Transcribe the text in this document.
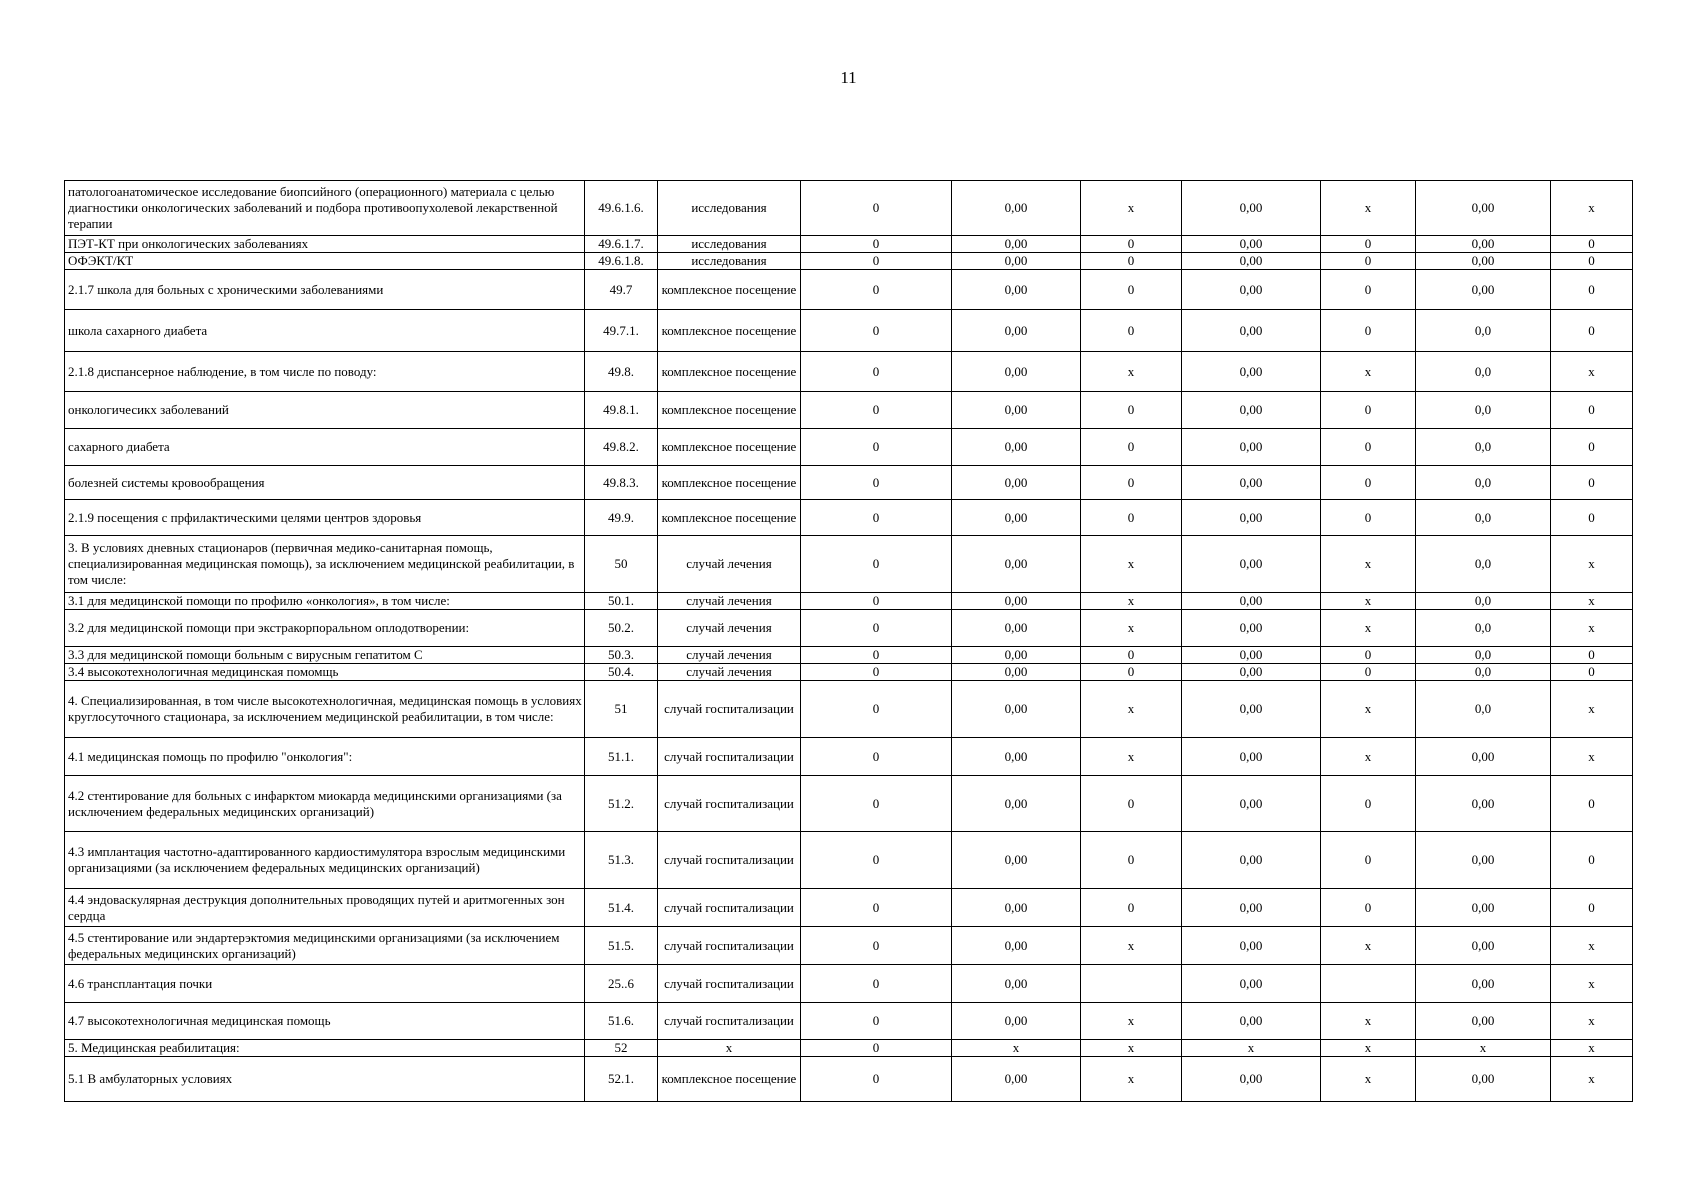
11
патологоанатомическое исследование биопсийного (операционного) материала с целью диагностики онкологических заболеваний и подбора противоопухолевой лекарственной терапии	49.6.1.6.	исследования	0	0,00	х	0,00	х	0,00	х
ПЭТ-КТ при онкологических заболеваниях	49.6.1.7.	исследования	0	0,00	0	0,00	0	0,00	0
ОФЭКТ/КТ	49.6.1.8.	исследования	0	0,00	0	0,00	0	0,00	0
2.1.7 школа для больных с хроническими заболеваниями	49.7	комплексное посещение	0	0,00	0	0,00	0	0,00	0
школа сахарного диабета	49.7.1.	комплексное посещение	0	0,00	0	0,00	0	0,0	0
2.1.8 диспансерное наблюдение, в том числе по поводу:	49.8.	комплексное посещение	0	0,00	х	0,00	х	0,0	х
онкологичесикх заболеваний	49.8.1.	комплексное посещение	0	0,00	0	0,00	0	0,0	0
сахарного диабета	49.8.2.	комплексное посещение	0	0,00	0	0,00	0	0,0	0
болезней системы кровообращения	49.8.3.	комплексное посещение	0	0,00	0	0,00	0	0,0	0
2.1.9 посещения с прфилактическими целями центров здоровья	49.9.	комплексное посещение	0	0,00	0	0,00	0	0,0	0
3. В условиях дневных стационаров (первичная медико-санитарная помощь, специализированная медицинская помощь), за исключением медицинской реабилитации, в том числе:	50	случай лечения	0	0,00	х	0,00	х	0,0	х
3.1 для медицинской помощи по профилю «онкология», в том числе:	50.1.	случай лечения	0	0,00	х	0,00	х	0,0	х
3.2 для медицинской помощи при экстракорпоральном оплодотворении:	50.2.	случай лечения	0	0,00	х	0,00	х	0,0	х
3.3 для медицинской помощи больным с вирусным гепатитом С	50.3.	случай лечения	0	0,00	0	0,00	0	0,0	0
3.4 высокотехнологичная медицинская помомщь	50.4.	случай лечения	0	0,00	0	0,00	0	0,0	0
4. Специализированная, в том числе высокотехнологичная, медицинская помощь в условиях круглосуточного стационара, за исключением медицинской реабилитации, в том числе:	51	случай госпитализации	0	0,00	х	0,00	х	0,0	х
4.1 медицинская помощь по профилю "онкология":	51.1.	случай госпитализации	0	0,00	х	0,00	х	0,00	х
4.2 стентирование для больных с инфарктом миокарда медицинскими организациями (за исключением федеральных медицинских организаций)	51.2.	случай госпитализации	0	0,00	0	0,00	0	0,00	0
4.3 имплантация частотно-адаптированного кардиостимулятора взрослым медицинскими организациями (за исключением федеральных медицинских организаций)	51.3.	случай госпитализации	0	0,00	0	0,00	0	0,00	0
4.4 эндоваскулярная деструкция дополнительных проводящих путей и аритмогенных зон сердца	51.4.	случай госпитализации	0	0,00	0	0,00	0	0,00	0
4.5 стентирование или эндартерэктомия медицинскими организациями (за исключением федеральных медицинских организаций)	51.5.	случай госпитализации	0	0,00	х	0,00	х	0,00	х
4.6 трансплантация почки	25..6	случай госпитализации	0	0,00		0,00		0,00	х
4.7 высокотехнологичная медицинская помощь	51.6.	случай госпитализации	0	0,00	х	0,00	х	0,00	х
5. Медицинская реабилитация:	52	х	0	х	х	х	х	х	х
5.1 В амбулаторных условиях	52.1.	комплексное посещение	0	0,00	х	0,00	х	0,00	х
